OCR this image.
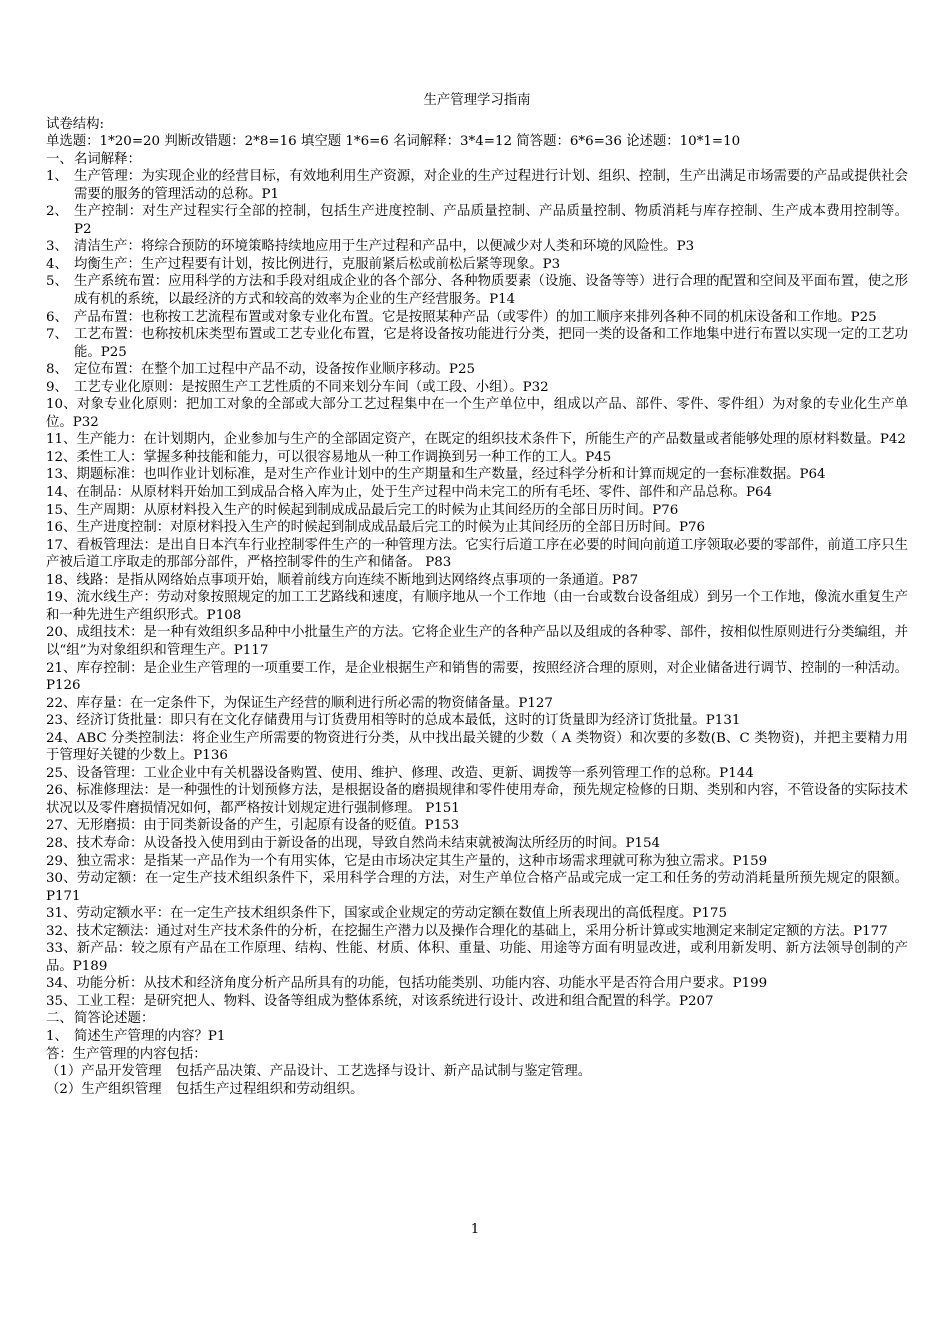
生产管理学习指南
试卷结构:
单选题：1*20=20 判断改错题：2*8=16 填空题 1*6=6 名词解释：3*4=12 简答题：6*6=36 论述题：10*1=10
一、 名词解释：
1、 生产管理：为实现企业的经营目标，有效地利用生产资源，对企业的生产过程进行计划、组织、控制，生产出满足市场需要的产品或提供社会需要的服务的管理活动的总称。P1
2、 生产控制：对生产过程实行全部的控制，包括生产进度控制、产品质量控制、产品质量控制、物质消耗与库存控制、生产成本费用控制等。P2
3、 清洁生产：将综合预防的环境策略持续地应用于生产过程和产品中，以便减少对人类和环境的风险性。P3
4、 均衡生产：生产过程要有计划，按比例进行，克服前紧后松或前松后紧等现象。P3
5、 生产系统布置：应用科学的方法和手段对组成企业的各个部分、各种物质要素（设施、设备等等）进行合理的配置和空间及平面布置，使之形成有机的系统，以最经济的方式和较高的效率为企业的生产经营服务。P14
6、 产品布置：也称按工艺流程布置或对象专业化布置。它是按照某种产品（或零件）的加工顺序来排列各种不同的机床设备和工作地。P25
7、 工艺布置：也称按机床类型布置或工艺专业化布置，它是将设备按功能进行分类，把同一类的设备和工作地集中进行布置以实现一定的工艺功能。P25
8、 定位布置：在整个加工过程中产品不动，设备按作业顺序移动。P25
9、 工艺专业化原则：是按照生产工艺性质的不同来划分车间（或工段、小组）。P32
10、对象专业化原则：把加工对象的全部或大部分工艺过程集中在一个生产单位中，组成以产品、部件、零件、零件组）为对象的专业化生产单位。P32
11、生产能力：在计划期内，企业参加与生产的全部固定资产，在既定的组织技术条件下，所能生产的产品数量或者能够处理的原材料数量。P42
12、柔性工人：掌握多种技能和能力，可以很容易地从一种工作调换到另一种工作的工人。P45
13、期题标准：也叫作业计划标准，是对生产作业计划中的生产期量和生产数量，经过科学分析和计算而规定的一套标准数据。P64
14、在制品：从原材料开始加工到成品合格入库为止，处于生产过程中尚未完工的所有毛坯、零件、部件和产品总称。P64
15、生产周期：从原材料投入生产的时候起到制成成品最后完工的时候为止其间经历的全部日历时间。P76
16、生产进度控制：对原材料投入生产的时候起到制成成品最后完工的时候为止其间经历的全部日历时间。P76
17、看板管理法：是出自日本汽车行业控制零件生产的一种管理方法。它实行后道工序在必要的时间向前道工序领取必要的零部件，前道工序只生产被后道工序取走的那部分部件，严格控制零件的生产和储备。 P83
18、线路：是指从网络始点事项开始，顺着前线方向连续不断地到达网络终点事项的一条通道。P87
19、流水线生产：劳动对象按照规定的加工工艺路线和速度，有顺序地从一个工作地（由一台或数台设备组成）到另一个工作地，像流水重复生产和一种先进生产组织形式。P108
20、成组技术：是一种有效组织多品种中小批量生产的方法。它将企业生产的各种产品以及组成的各种零、部件，按相似性原则进行分类编组，并以“组”为对象组织和管理生产。P117
21、库存控制：是企业生产管理的一项重要工作，是企业根据生产和销售的需要，按照经济合理的原则，对企业储备进行调节、控制的一种活动。P126
22、库存量：在一定条件下，为保证生产经营的顺利进行所必需的物资储备量。P127
23、经济订货批量：即只有在文化存储费用与订货费用相等时的总成本最低，这时的订货量即为经济订货批量。P131
24、ABC 分类控制法：将企业生产所需要的物资进行分类，从中找出最关键的少数（ A 类物资）和次要的多数(B、C 类物资)，并把主要精力用于管理好关键的少数上。P136
25、设备管理：工业企业中有关机器设备购置、使用、维护、修理、改造、更新、调拨等一系列管理工作的总称。P144
26、标准修理法：是一种强性的计划预修方法，是根据设备的磨损规律和零件使用寿命，预先规定检修的日期、类别和内容，不管设备的实际技术状况以及零件磨损情况如何，都严格按计划规定进行强制修理。 P151
27、无形磨损：由于同类新设备的产生，引起原有设备的贬值。P153
28、技术寿命：从设备投入使用到由于新设备的出现，导致自然尚未结束就被淘汰所经历的时间。P154
29、独立需求：是指某一产品作为一个有用实体，它是由市场决定其生产量的，这种市场需求理就可称为独立需求。P159
30、劳动定额：在一定生产技术组织条件下，采用科学合理的方法，对生产单位合格产品或完成一定工和任务的劳动消耗量所预先规定的限额。P171
31、劳动定额水平：在一定生产技术组织条件下，国家或企业规定的劳动定额在数值上所表现出的高低程度。P175
32、技术定额法：通过对生产技术条件的分析，在挖掘生产潜力以及操作合理化的基础上，采用分析计算或实地测定来制定定额的方法。P177
33、新产品：较之原有产品在工作原理、结构、性能、材质、体积、重量、功能、用途等方面有明显改进，或利用新发明、新方法领导创制的产品。P189
34、功能分析：从技术和经济角度分析产品所具有的功能，包括功能类别、功能内容、功能水平是否符合用户要求。P199
35、工业工程：是研究把人、物料、设备等组成为整体系统，对该系统进行设计、改进和组合配置的科学。P207
二、 简答论述题：
1、 简述生产管理的内容？P1
答：生产管理的内容包括：
（1）产品开发管理 包括产品决策、产品设计、工艺选择与设计、新产品试制与鉴定管理。
（2）生产组织管理 包括生产过程组织和劳动组织。
1
